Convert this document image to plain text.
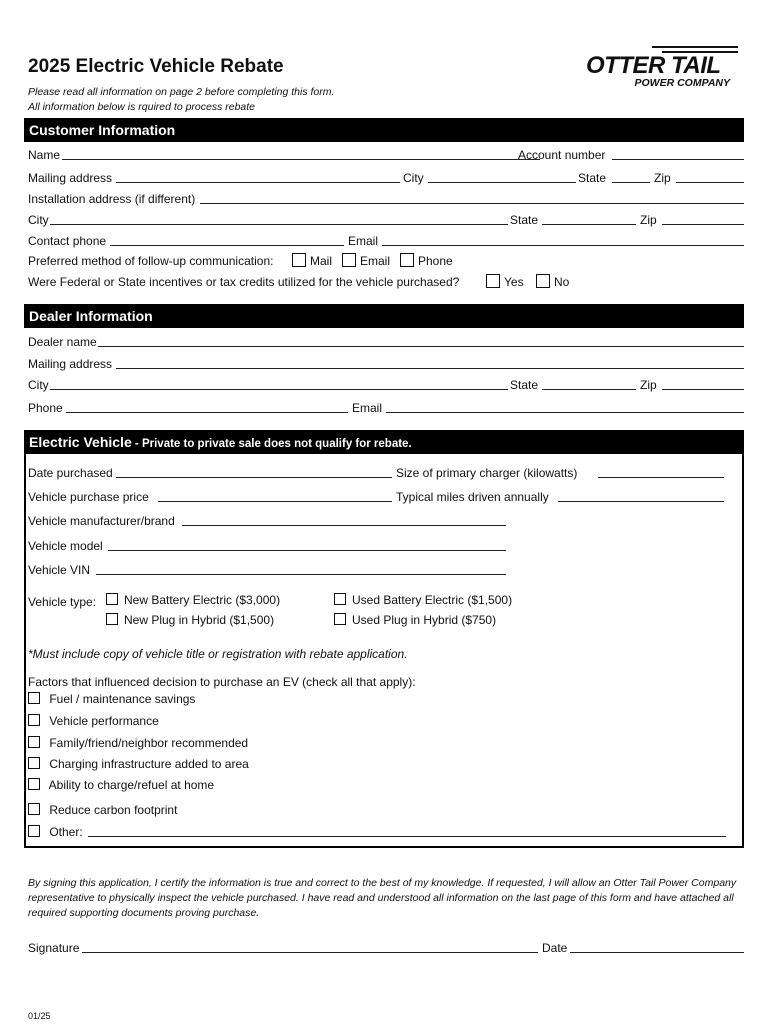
2025 Electric Vehicle Rebate
Please read all information on page 2 before completing this form.
All information below is rquired to process rebate
OTTER TAIL
POWER COMPANY
Customer Information
Name	Account number
Mailing address	City	State	Zip
Installation address (if different)
City	State	Zip
Contact phone	Email
Preferred method of follow-up communication:	Mail	Email	Phone
Were Federal or State incentives or tax credits utilized for the vehicle purchased?	Yes	No
Dealer Information
Dealer name
Mailing address
City	State	Zip
Phone	Email
Electric Vehicle - Private to private sale does not qualify for rebate.
Date purchased	Size of primary charger (kilowatts)
Vehicle purchase price	Typical miles driven annually
Vehicle manufacturer/brand
Vehicle model
Vehicle VIN
Vehicle type:	New Battery Electric ($3,000)	Used Battery Electric ($1,500)
New Plug in Hybrid ($1,500)	Used Plug in Hybrid ($750)
*Must include copy of vehicle title or registration with rebate application.
Factors that influenced decision to purchase an EV (check all that apply):
Fuel / maintenance savings
Vehicle performance
Family/friend/neighbor recommended
Charging infrastructure added to area
Ability to charge/refuel at home
Reduce carbon footprint
Other:
By signing this application, I certify the information is true and correct to the best of my knowledge. If requested, I will allow an Otter Tail Power Company representative to physically inspect the vehicle purchased. I have read and understood all information on the last page of this form and have attached all required supporting documents proving purchase.
Signature	Date
01/25
